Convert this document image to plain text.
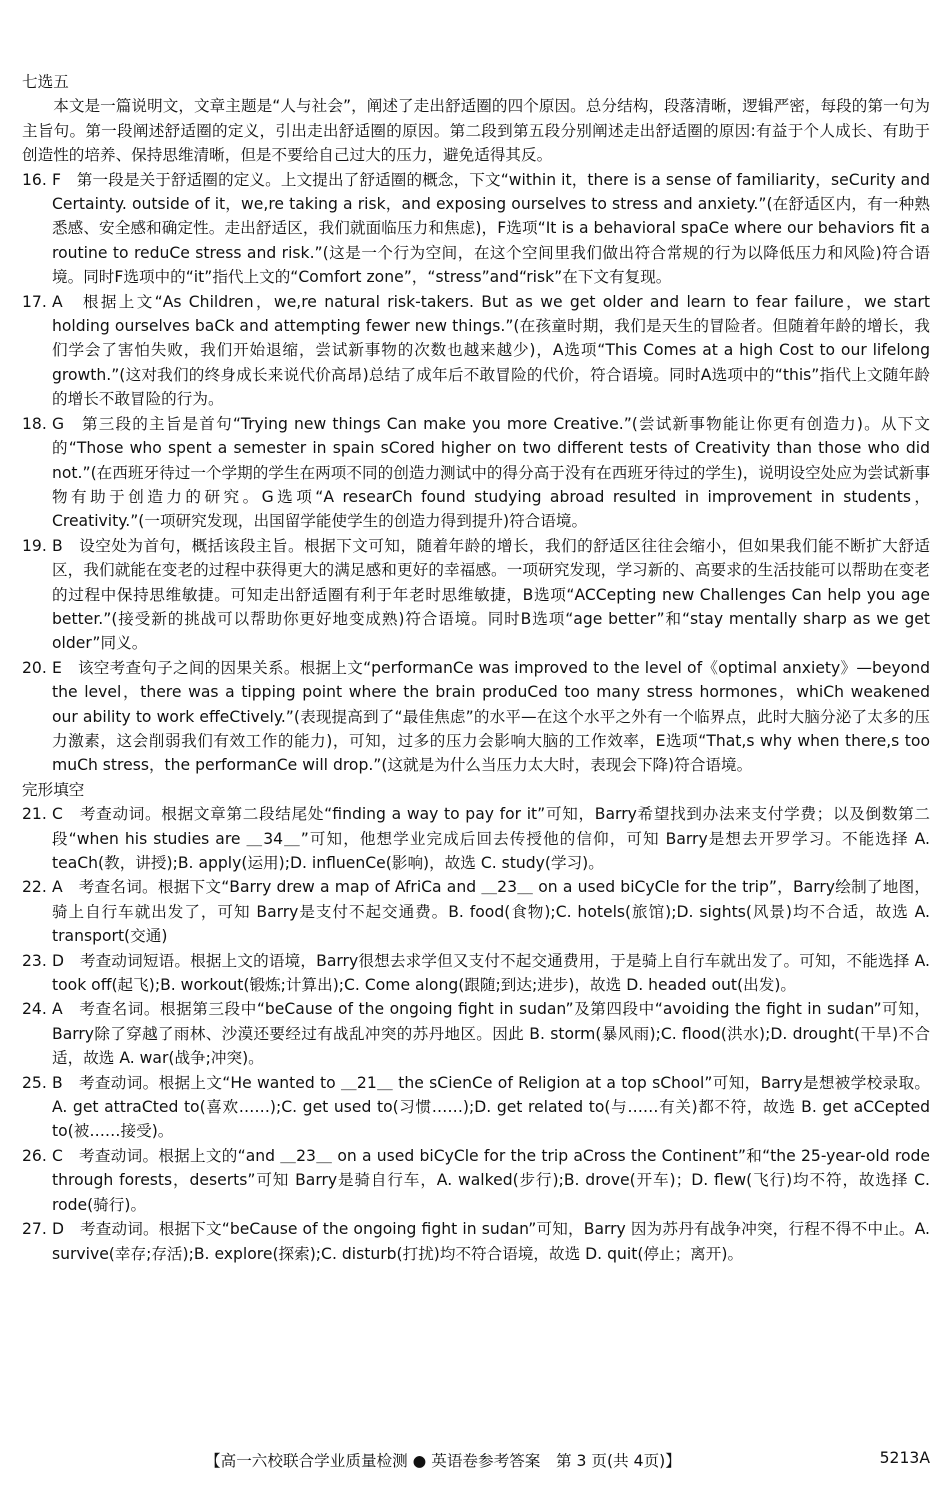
七选五

本文是一篇说明文，文章主题是“人与社会”，阐述了走出舒适圈的四个原因。总分结构，段落清晰，逻辑严密，每段的第一句为主旨句。第一段阐述舒适圈的定义，引出走出舒适圈的原因。第二段到第五段分别阐述走出舒适圈的原因:有益于个人成长、有助于创造性的培养、保持思维清晰，但是不要给自己过大的压力，避免适得其反。

16. F　第一段是关于舒适圈的定义。上文提出了舒适圈的概念，下文“within it，there is a sense of familiarity，seCurity and Certainty. outside of it，we,re taking a risk，and exposing ourselves to stress and anxiety.”(在舒适区内，有一种熟悉感、安全感和确定性。走出舒适区，我们就面临压力和焦虑)，F选项“It is a behavioral spaCe where our behaviors fit a routine to reduCe stress and risk.”(这是一个行为空间，在这个空间里我们做出符合常规的行为以降低压力和风险)符合语境。同时F选项中的“it”指代上文的“Comfort zone”，“stress”and“risk”在下文有复现。
17. A　根据上文“As Children，we,re natural risk-takers. But as we get older and learn to fear failure，we start holding ourselves baCk and attempting fewer new things.”(在孩童时期，我们是天生的冒险者。但随着年龄的增长，我们学会了害怕失败，我们开始退缩，尝试新事物的次数也越来越少)，A选项“This Comes at a high Cost to our lifelong growth.”(这对我们的终身成长来说代价高昂)总结了成年后不敢冒险的代价，符合语境。同时A选项中的“this”指代上文随年龄的增长不敢冒险的行为。
18. G　第三段的主旨是首句“Trying new things Can make you more Creative.”(尝试新事物能让你更有创造力)。从下文的“Those who spent a semester in spain sCored higher on two different tests of Creativity than those who did not.”(在西班牙待过一个学期的学生在两项不同的创造力测试中的得分高于没有在西班牙待过的学生)，说明设空处应为尝试新事物有助于创造力的研究。G选项“A researCh found studying abroad resulted in improvement in students，Creativity.”(一项研究发现，出国留学能使学生的创造力得到提升)符合语境。
19. B　设空处为首句，概括该段主旨。根据下文可知，随着年龄的增长，我们的舒适区往往会缩小，但如果我们能不断扩大舒适区，我们就能在变老的过程中获得更大的满足感和更好的幸福感。一项研究发现，学习新的、高要求的生活技能可以帮助在变老的过程中保持思维敏捷。可知走出舒适圈有利于年老时思维敏捷，B选项“ACCepting new Challenges Can help you age better.”(接受新的挑战可以帮助你更好地变成熟)符合语境。同时B选项“age better”和“stay mentally sharp as we get older”同义。
20. E　该空考查句子之间的因果关系。根据上文“performanCe was improved to the level of《optimal anxiety》—beyond the level，there was a tipping point where the brain produCed too many stress hormones，whiCh weakened our ability to work effeCtively.”(表现提高到了“最佳焦虑”的水平—在这个水平之外有一个临界点，此时大脑分泌了太多的压力激素，这会削弱我们有效工作的能力)，可知，过多的压力会影响大脑的工作效率，E选项“That,s why when there,s too muCh stress，the performanCe will drop.”(这就是为什么当压力太大时，表现会下降)符合语境。

完形填空

21. C　考查动词。根据文章第二段结尾处“finding a way to pay for it”可知，Barry希望找到办法来支付学费；以及倒数第二段“when his studies are ＿34＿”可知，他想学业完成后回去传授他的信仰，可知 Barry是想去开罗学习。不能选择 A. teaCh(教，讲授);B. apply(运用);D. influenCe(影响)，故选 C. study(学习)。
22. A　考查名词。根据下文“Barry drew a map of AfriCa and ＿23＿ on a used biCyCle for the trip”，Barry绘制了地图，骑上自行车就出发了，可知 Barry是支付不起交通费。B. food(食物);C. hotels(旅馆);D. sights(风景)均不合适，故选 A. transport(交通)
23. D　考查动词短语。根据上文的语境，Barry很想去求学但又支付不起交通费用，于是骑上自行车就出发了。可知，不能选择 A. took off(起飞);B. workout(锻炼;计算出);C. Come along(跟随;到达;进步)，故选 D. headed out(出发)。
24. A　考查名词。根据第三段中“beCause of the ongoing fight in sudan”及第四段中“avoiding the fight in sudan”可知，Barry除了穿越了雨林、沙漠还要经过有战乱冲突的苏丹地区。因此 B. storm(暴风雨);C. flood(洪水);D. drought(干旱)不合适，故选 A. war(战争;冲突)。
25. B　考查动词。根据上文“He wanted to ＿21＿ the sCienCe of Religion at a top sChool”可知，Barry是想被学校录取。A. get attraCted to(喜欢……);C. get used to(习惯……);D. get related to(与……有关)都不符，故选 B. get aCCepted to(被……接受)。
26. C　考查动词。根据上文的“and ＿23＿ on a used biCyCle for the trip aCross the Continent”和“the 25-year-old rode through forests，deserts”可知 Barry是骑自行车，A. walked(步行);B. drove(开车)；D. flew(飞行)均不符，故选择 C. rode(骑行)。
27. D　考查动词。根据下文“beCause of the ongoing fight in sudan”可知，Barry 因为苏丹有战争冲突，行程不得不中止。A. survive(幸存;存活);B. explore(探索);C. disturb(打扰)均不符合语境，故选 D. quit(停止；离开)。
【高一六校联合学业质量检测 ● 英语卷参考答案　第 3 页(共 4页)】	5213A
